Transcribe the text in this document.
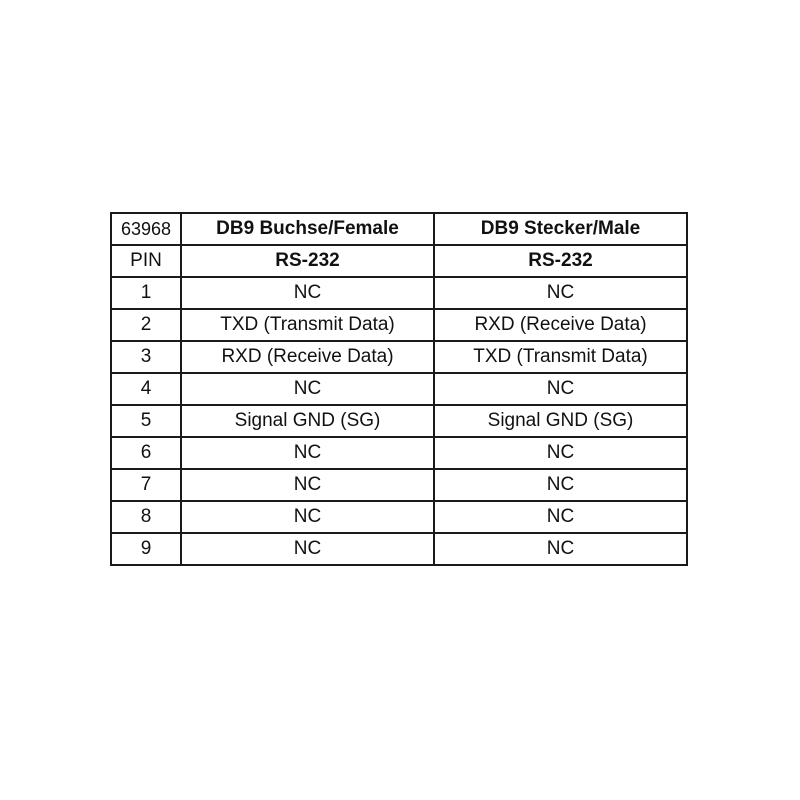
63968	DB9 Buchse/Female	DB9 Stecker/Male
PIN	RS-232	RS-232
1	NC	NC
2	TXD (Transmit Data)	RXD (Receive Data)
3	RXD (Receive Data)	TXD (Transmit Data)
4	NC	NC
5	Signal GND (SG)	Signal GND (SG)
6	NC	NC
7	NC	NC
8	NC	NC
9	NC	NC
